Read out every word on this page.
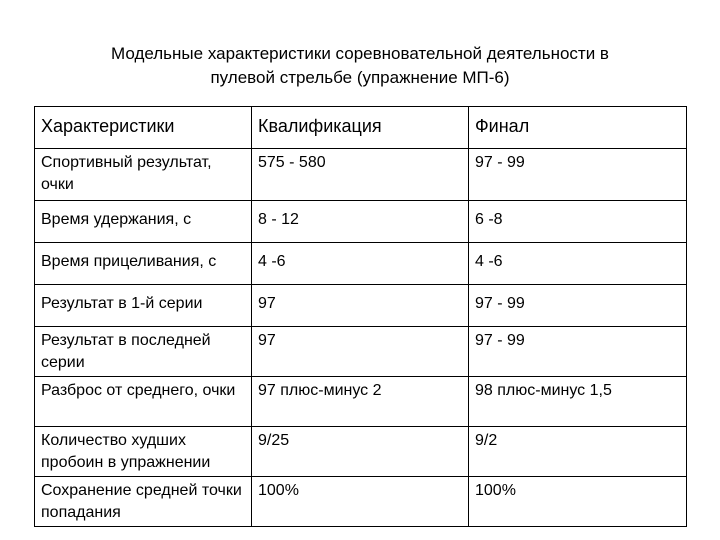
Модельные характеристики соревновательной деятельности в
пулевой стрельбе (упражнение МП-6)
Характеристики	Квалификация	Финал
Спортивный результат, очки	575 - 580	97 - 99
Время удержания, с	8 - 12	6 -8
Время прицеливания, с	4 -6	4 -6
Результат в 1-й серии	97	97 - 99
Результат в последней серии	97	97 - 99
Разброс от среднего, очки	97 плюс-минус 2	98 плюс-минус 1,5
Количество худших пробоин в упражнении	9/25	9/2
Сохранение средней точки попадания	100%	100%
